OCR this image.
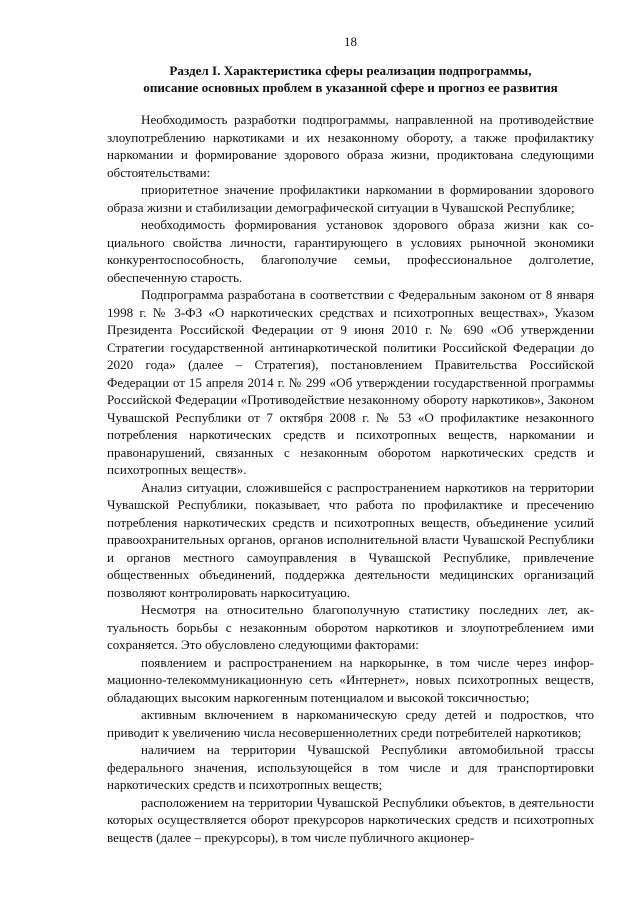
18
Раздел I. Характеристика сферы реализации подпрограммы,
описание основных проблем в указанной сфере и прогноз ее развития

Необходимость разработки подпрограммы, направленной на противодействие злоупотреблению наркотиками и их незаконному обороту, а также профилактику наркомании и формирование здорового образа жизни, продиктована следующими обстоятельствами:

приоритетное значение профилактики наркомании в формировании здорового образа жизни и стабилизации демографической ситуации в Чувашской Республике;

необходимость формирования установок здорового образа жизни как социального свойства личности, гарантирующего в условиях рыночной экономики конкурентоспособность, благополучие семьи, профессиональное долголетие, обеспеченную старость.

Подпрограмма разработана в соответствии с Федеральным законом от 8 января 1998 г. № 3-ФЗ «О наркотических средствах и психотропных веществах», Указом Президента Российской Федерации от 9 июня 2010 г. № 690 «Об утверждении Стратегии государственной антинаркотической политики Российской Федерации до 2020 года» (далее – Стратегия), постановлением Правительства Российской Федерации от 15 апреля 2014 г. № 299 «Об утверждении государственной программы Российской Федерации «Противодействие незаконному обороту наркотиков», Законом Чувашской Республики от 7 октября 2008 г. № 53 «О профилактике незаконного потребления наркотических средств и психотропных веществ, наркомании и правонарушений, связанных с незаконным оборотом наркотических средств и психотропных веществ».

Анализ ситуации, сложившейся с распространением наркотиков на территории Чувашской Республики, показывает, что работа по профилактике и пресечению потребления наркотических средств и психотропных веществ, объединение усилий правоохранительных органов, органов исполнительной власти Чувашской Республики и органов местного самоуправления в Чувашской Республике, привлечение общественных объединений, поддержка деятельности медицинских организаций позволяют контролировать наркоситуацию.

Несмотря на относительно благополучную статистику последних лет, актуальность борьбы с незаконным оборотом наркотиков и злоупотреблением ими сохраняется. Это обусловлено следующими факторами:

появлением и распространением на наркорынке, в том числе через информационно-телекоммуникационную сеть «Интернет», новых психотропных веществ, обладающих высоким наркогенным потенциалом и высокой токсичностью;

активным включением в наркоманическую среду детей и подростков, что приводит к увеличению числа несовершеннолетних среди потребителей наркотиков;

наличием на территории Чувашской Республики автомобильной трассы федерального значения, использующейся в том числе и для транспортировки наркотических средств и психотропных веществ;

расположением на территории Чувашской Республики объектов, в деятельности которых осуществляется оборот прекурсоров наркотических средств и психотропных веществ (далее – прекурсоры), в том числе публичного акционер-
